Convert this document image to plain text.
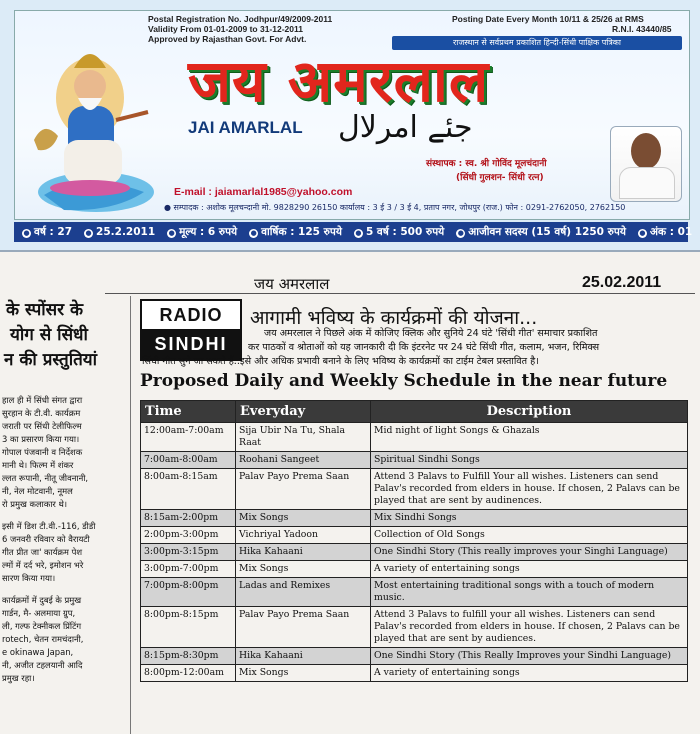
Postal Registration No. Jodhpur/49/2009-2011
Validity From 01-01-2009 to 31-12-2011
Approved by Rajasthan Govt. For Advt.
Posting Date Every Month 10/11 & 25/26 at RMS
R.N.I. 43440/85
राजस्थान से सर्वप्रथम प्रकाशित हिन्दी-सिंधी पाक्षिक पत्रिका
जय अमरलाल
JAI AMARLAL جئے امرلال
संस्थापक : स्व. श्री गोविंद मूलचंदानी
(सिंधी गुलशन- सिंधी रत्न)
E-mail : jaiamarlal1985@yahoo.com
● सम्पादक : अशोक मूलचन्दानी मो. 9828290 26150 कार्यालय : 3 ई 3 / 3 ई 4, प्रताप नगर, जोधपुर (राज.) फोन : 0291-2762050, 2762150
● वर्ष : 27 ● 25.2.2011 ● मूल्य : 6 रुपये ● वार्षिक : 125 रुपये ● 5 वर्ष : 500 रुपये ● आजीवन सदस्य (15 वर्ष) 1250 रुपये ● अंक : 01
जय अमरलाल	25.02.2011
के स्पोंसर के
योग से सिंधी
न की प्रस्तुतियां
हाल ही में सिंधी संगत द्वारा
सुरहान के टी.वी. कार्यक्रम
जराती पर सिंधी टेलीफिल्म
3 का प्रसारण किया गया।
गोपाल पंजवानी व निर्देशक
मानी थे। फिल्म में शंकर
ल्लत रूपानी, नीतू जीवनानी,
नी, नेल मोटवानी, नूमल
रो प्रमुख कलाकार थे।
इसी में डिश टी.वी.-116, डीडी
6 जनवरी रविवार को वैरायटी
गीत प्रीत जा' कार्यक्रम पेश
ल्मों में दर्द भरे, इमोशन भरे
सारण किया गया।
कार्यक्रमों में दुबई के प्रमुख
गार्डन, मै- अलमाया ग्रुप,
ली, गल्फ टेक्नीकल प्रिंटिंग
rotech, चेतन रामचंदानी,
e okinawa Japan,
नी, अजीत टहलयानी आदि
प्रमुख रहा।
RADIO
SINDHI
आगामी भविष्य के कार्यक्रमों की योजना...
जय अमरलाल ने पिछले अंक में कोजिए क्लिक और सुनिये 24 घंटे 'सिंधी गीत' समाचार प्रकाशित
कर पाठकों व श्रोताओं को यह जानकारी दी कि इंटरनेट पर 24 घंटे सिंधी गीत, कलाम, भजन, रिमिक्स
सिंधी गीत सुने जा सकते हैं..इसे और अधिक प्रभावी बनाने के लिए भविष्य के कार्यक्रमों का टाईम टेबल प्रस्तावित है।
Proposed Daily and Weekly Schedule in the near future
Time	Everyday	Description
12:00am-7:00am	Sija Ubir Na Tu, Shala Raat	Mid night of light Songs & Ghazals
7:00am-8:00am	Roohani Sangeet	Spiritual Sindhi Songs
8:00am-8:15am	Palav Payo Prema Saan	Attend 3 Palavs to Fulfill Your all wishes. Listeners can send Palav's recorded from elders in house. If chosen, 2 Palavs can be played that are sent by audinences.
8:15am-2:00pm	Mix Songs	Mix Sindhi Songs
2:00pm-3:00pm	Vichriyal Yadoon	Collection of Old Songs
3:00pm-3:15pm	Hika Kahaani	One Sindhi Story (This really improves your Singhi Language)
3:00pm-7:00pm	Mix Songs	A variety of entertaining songs
7:00pm-8:00pm	Ladas and Remixes	Most entertaining traditional songs with a touch of modern music.
8:00pm-8:15pm	Palav Payo Prema Saan	Attend 3 Palavs to fulfill your all wishes. Listeners can send Palav's recorded from elders in house. If chosen, 2 Palavs can be played that are sent by audiences.
8:15pm-8:30pm	Hika Kahaani	One Sindhi Story (This Really Improves your Sindhi Language)
8:00pm-12:00am	Mix Songs	A variety of entertaining songs
